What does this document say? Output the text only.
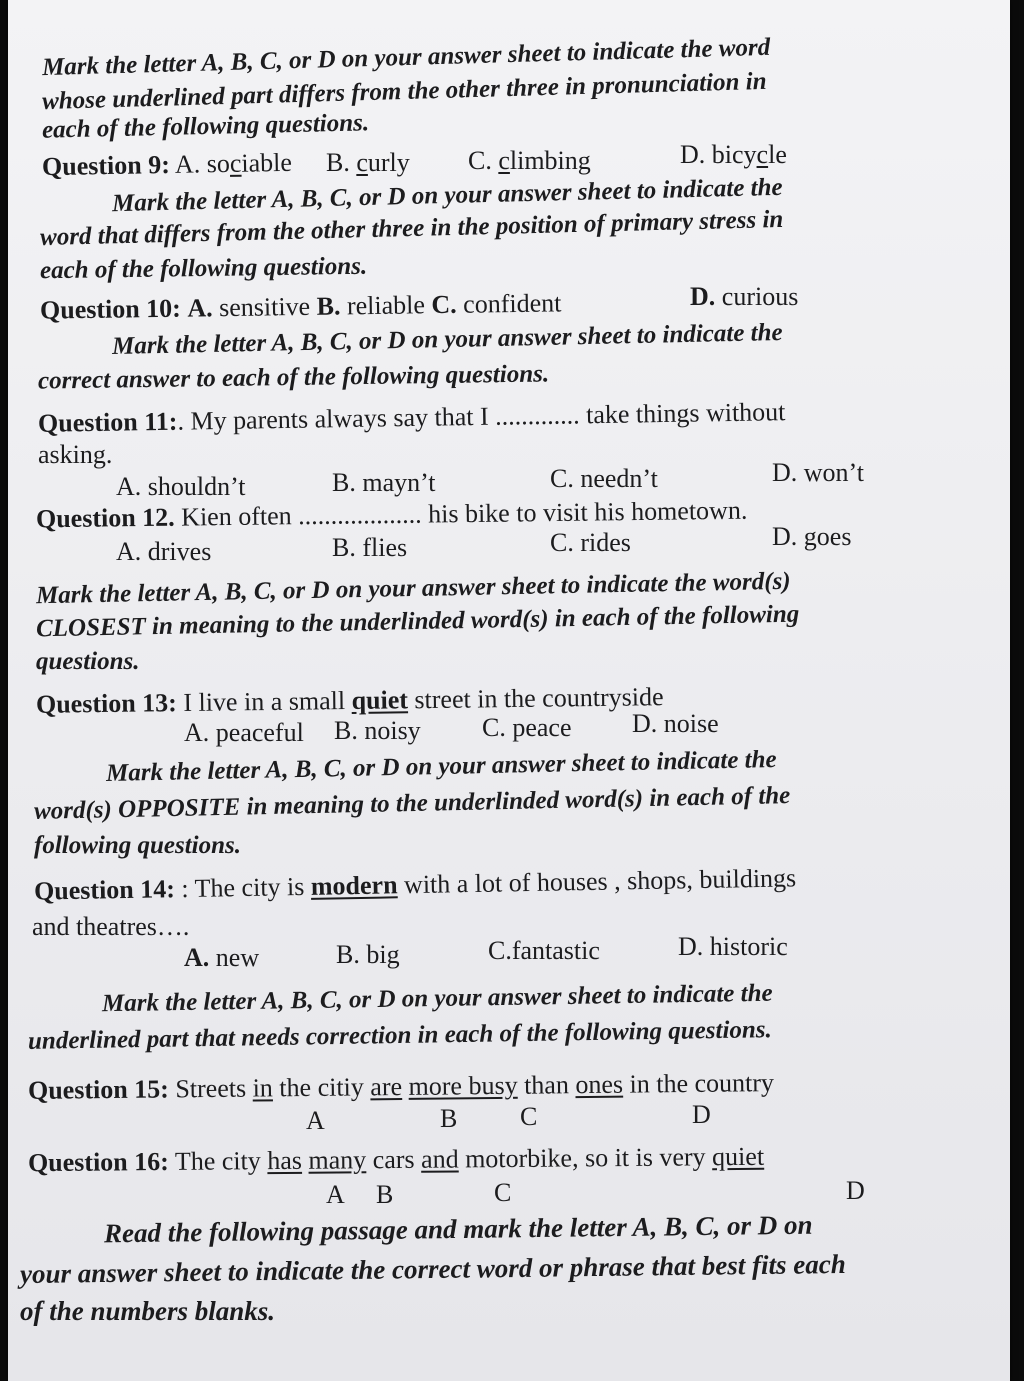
Mark the letter A, B, C, or D on your answer sheet to indicate the word
whose underlined part differs from the other three in pronunciation in
each of the following questions.
Question 9: A. sociable B. curly C. climbing	D. bicycle
Mark the letter A, B, C, or D on your answer sheet to indicate the
word that differs from the other three in the position of primary stress in
each of the following questions.
Question 10: A. sensitive B. reliable C. confident	D. curious
Mark the letter A, B, C, or D on your answer sheet to indicate the
correct answer to each of the following questions.
Question 11:. My parents always say that I ............. take things without
asking.
A. shouldn’t	B. mayn’t	C. needn’t	D. won’t
Question 12. Kien often ................... his bike to visit his hometown.
A. drives	B. flies	C. rides	D. goes
Mark the letter A, B, C, or D on your answer sheet to indicate the word(s)
CLOSEST in meaning to the underlinded word(s) in each of the following
questions.
Question 13: I live in a small quiet street in the countryside
A. peaceful B. noisy C. peace D. noise
Mark the letter A, B, C, or D on your answer sheet to indicate the
word(s) OPPOSITE in meaning to the underlinded word(s) in each of the
following questions.
Question 14: : The city is modern with a lot of houses , shops, buildings
and theatres….
A. new	B. big	C.fantastic	D. historic
Mark the letter A, B, C, or D on your answer sheet to indicate the
underlined part that needs correction in each of the following questions.
Question 15: Streets in the citiy are more busy than ones in the country
A	B C	D
Question 16: The city has many cars and motorbike, so it is very quiet
A B	C	D
Read the following passage and mark the letter A, B, C, or D on
your answer sheet to indicate the correct word or phrase that best fits each
of the numbers blanks.
